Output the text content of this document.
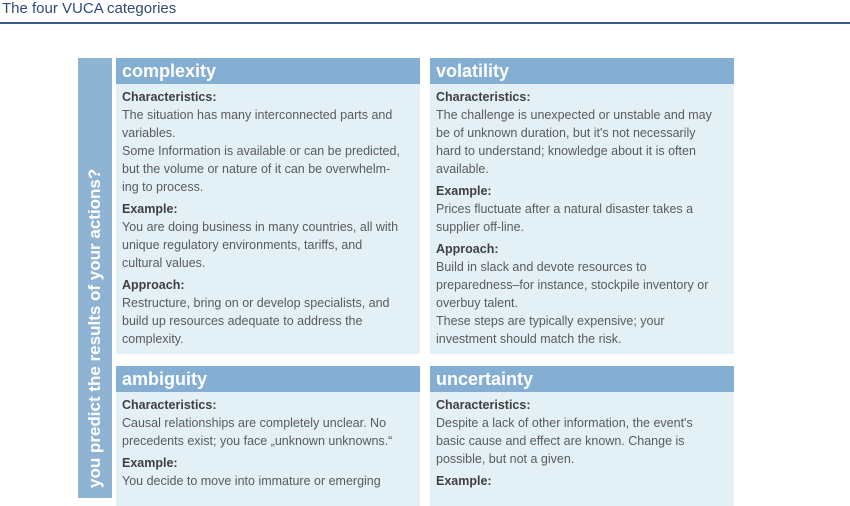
The four VUCA categories
you predict the results of your actions?
complexity
Characteristics:

The situation has many interconnected parts and

variables.

Some Information is available or can be predicted,

but the volume or nature of it can be overwhelm-

ing to process.

Example:

You are doing business in many countries, all with

unique regulatory environments, tariffs, and

cultural values.

Approach:

Restructure, bring on or develop specialists, and

build up resources adequate to address the

complexity.

volatility
Characteristics:

The challenge is unexpected or unstable and may

be of unknown duration, but it's not necessarily

hard to understand; knowledge about it is often

available.

Example:

Prices fluctuate after a natural disaster takes a

supplier off-line.

Approach:

Build in slack and devote resources to

preparedness–for instance, stockpile inventory or

overbuy talent.

These steps are typically expensive; your

investment should match the risk.

ambiguity
Characteristics:

Causal relationships are completely unclear. No

precedents exist; you face „unknown unknowns.“

Example:

You decide to move into immature or emerging

uncertainty
Characteristics:

Despite a lack of other information, the event's

basic cause and effect are known. Change is

possible, but not a given.

Example:
